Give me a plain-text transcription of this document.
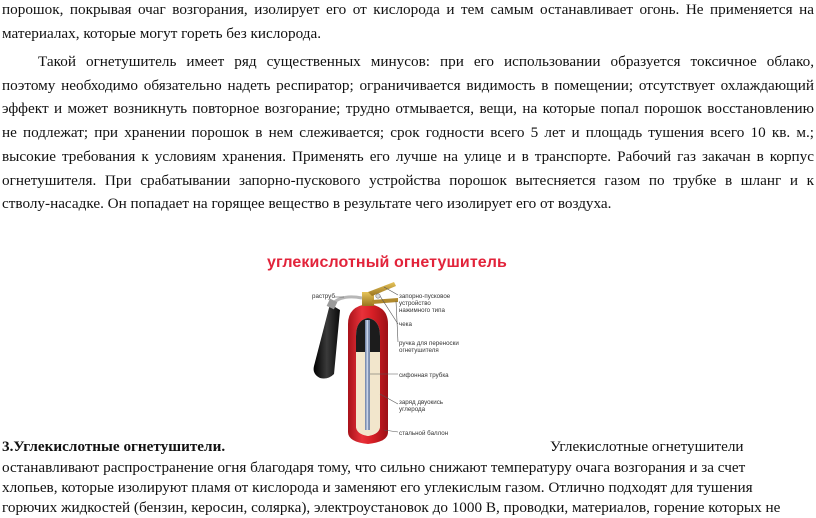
порошок, покрывая очаг возгорания, изолирует его от кислорода и тем самым останавливает огонь. Не применяется на
материалах, которые могут гореть без кислорода.
Такой огнетушитель имеет ряд существенных минусов: при его использовании образуется токсичное облако,
поэтому необходимо обязательно надеть респиратор; ограничивается видимость в помещении; отсутствует охлаждающий
эффект и может возникнуть повторное возгорание; трудно отмывается, вещи, на которые попал порошок восстановлению
не подлежат; при хранении порошок в нем слеживается; срок годности всего 5 лет и площадь тушения всего 10 кв. м.;
высокие требования к условиям хранения. Применять его лучше на улице и в транспорте. Рабочий газ закачан в корпус
огнетушителя. При срабатывании запорно-пускового устройства порошок вытесняется газом по трубке в шланг и к
стволу-насадке. Он попадает на горящее вещество в результате чего изолирует его от воздуха.
раструб	запорно-пусковое
устройство
нажимного типа
чека
ручка для переноски
огнетушителя
сифонная трубка
заряд двуокись
углерода
стальной баллон
углекислотный огнетушитель
3.Углекислотные огнетушители.	Углекислотные огнетушители
останавливают распространение огня благодаря тому, что сильно снижают температуру очага возгорания и за счет
хлопьев, которые изолируют пламя от кислорода и заменяют его углекислым газом. Отлично подходят для тушения
горючих жидкостей (бензин, керосин, солярка), электроустановок до 1000 В, проводки, материалов, горение которых не
